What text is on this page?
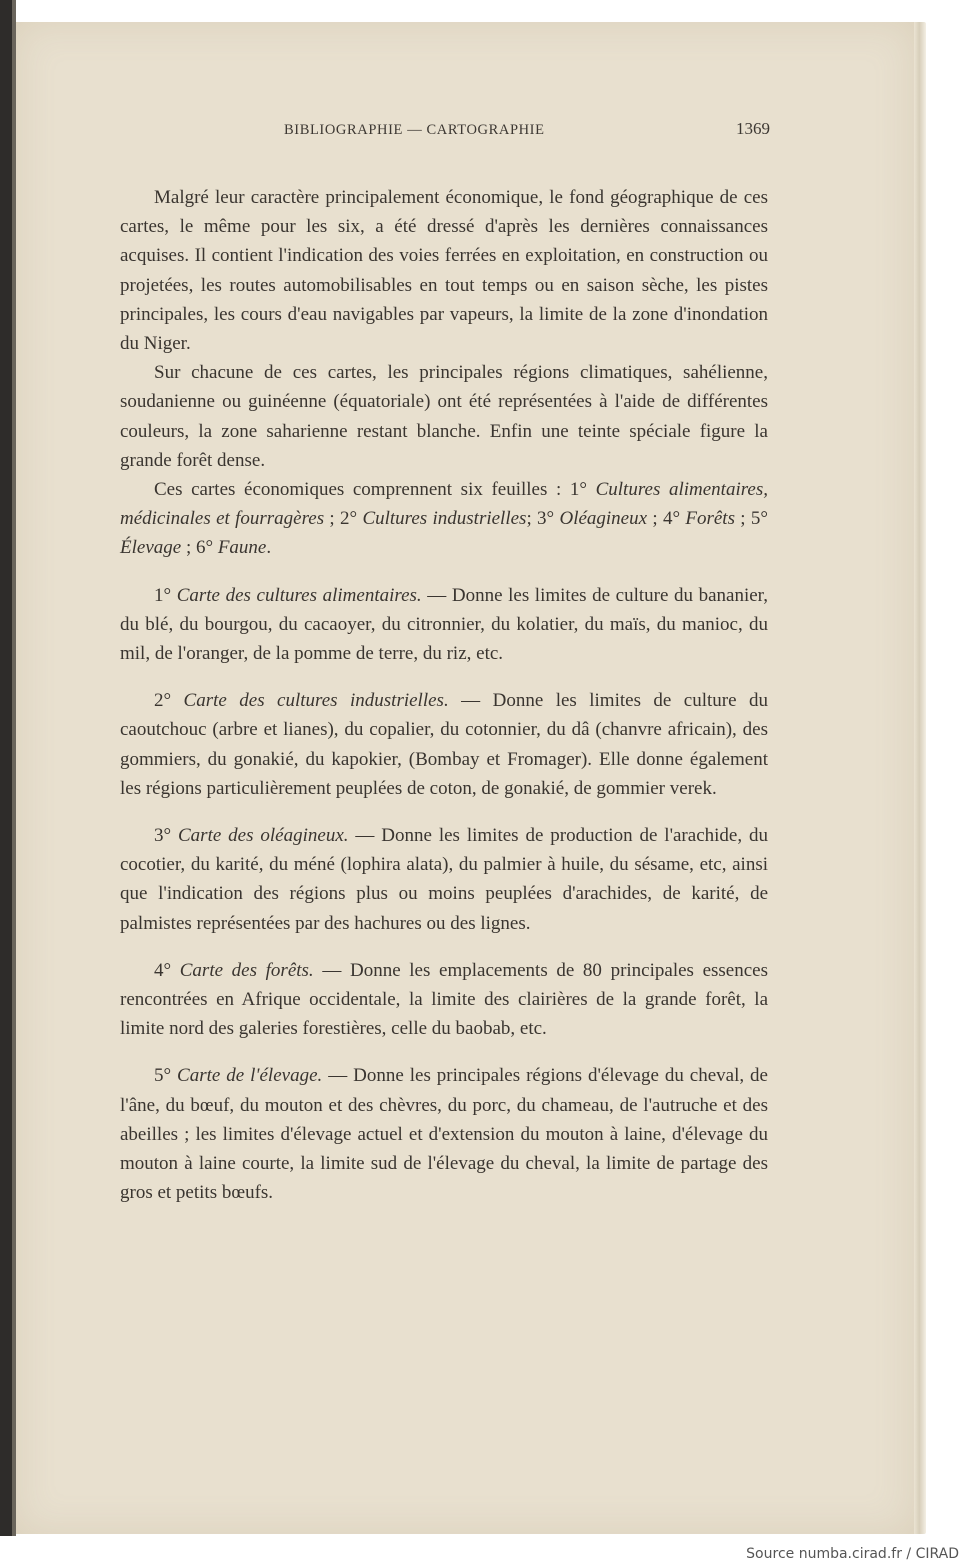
BIBLIOGRAPHIE — CARTOGRAPHIE	1369

Malgré leur caractère principalement économique, le fond géographique de ces cartes, le même pour les six, a été dressé d'après les dernières connaissances acquises. Il contient l'indication des voies ferrées en exploitation, en construction ou projetées, les routes automobilisables en tout temps ou en saison sèche, les pistes principales, les cours d'eau navigables par vapeurs, la limite de la zone d'inondation du Niger.

Sur chacune de ces cartes, les principales régions climatiques, sahélienne, soudanienne ou guinéenne (équatoriale) ont été représentées à l'aide de différentes couleurs, la zone saharienne restant blanche. Enfin une teinte spéciale figure la grande forêt dense.

Ces cartes économiques comprennent six feuilles : 1° Cultures alimentaires, médicinales et fourragères ; 2° Cultures industrielles; 3° Oléagineux ; 4° Forêts ; 5° Élevage ; 6° Faune.

1° Carte des cultures alimentaires. — Donne les limites de culture du bananier, du blé, du bourgou, du cacaoyer, du citronnier, du kolatier, du maïs, du manioc, du mil, de l'oranger, de la pomme de terre, du riz, etc.

2° Carte des cultures industrielles. — Donne les limites de culture du caoutchouc (arbre et lianes), du copalier, du cotonnier, du dâ (chanvre africain), des gommiers, du gonakié, du kapokier, (Bombay et Fromager). Elle donne également les régions particulièrement peuplées de coton, de gonakié, de gommier verek.

3° Carte des oléagineux. — Donne les limites de production de l'arachide, du cocotier, du karité, du méné (lophira alata), du palmier à huile, du sésame, etc, ainsi que l'indication des régions plus ou moins peuplées d'arachides, de karité, de palmistes représentées par des hachures ou des lignes.

4° Carte des forêts. — Donne les emplacements de 80 principales essences rencontrées en Afrique occidentale, la limite des clairières de la grande forêt, la limite nord des galeries forestières, celle du baobab, etc.

5° Carte de l'élevage. — Donne les principales régions d'élevage du cheval, de l'âne, du bœuf, du mouton et des chèvres, du porc, du chameau, de l'autruche et des abeilles ; les limites d'élevage actuel et d'extension du mouton à laine, d'élevage du mouton à laine courte, la limite sud de l'élevage du cheval, la limite de partage des gros et petits bœufs.

Source numba.cirad.fr / CIRAD
